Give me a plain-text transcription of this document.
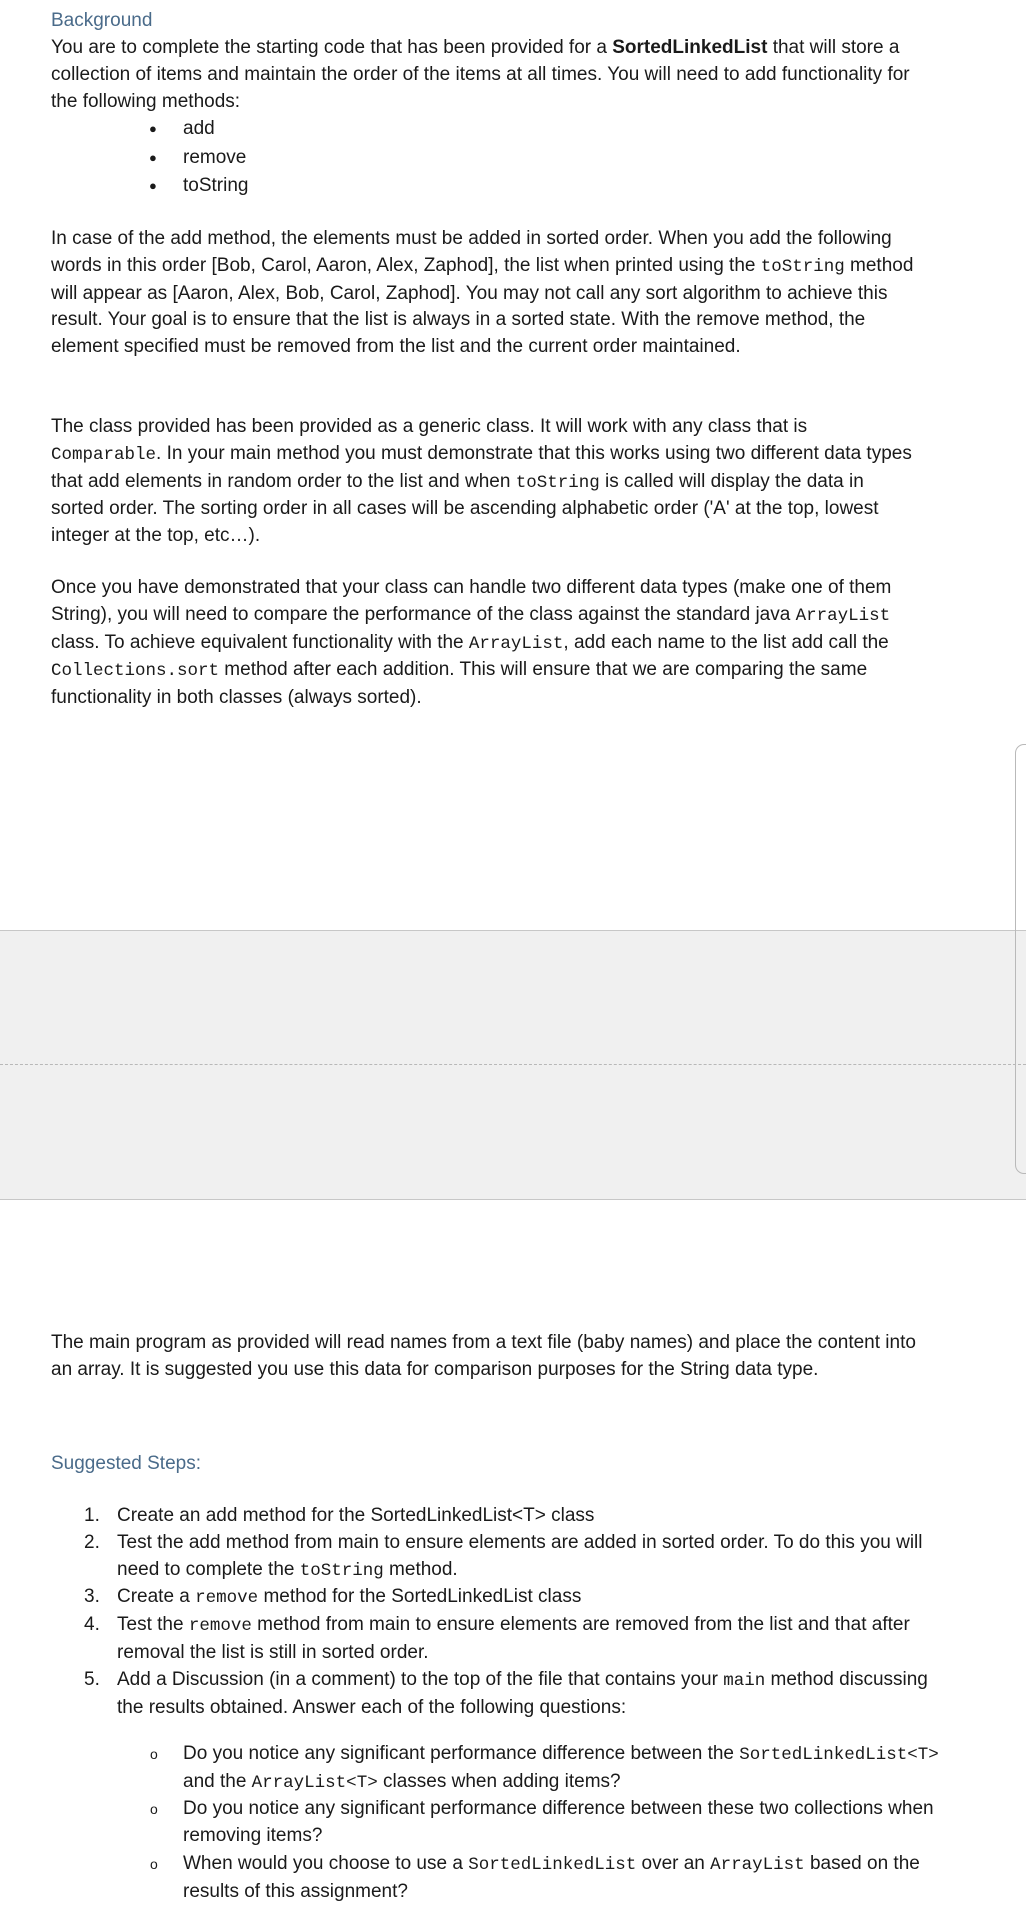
Background
You are to complete the starting code that has been provided for a SortedLinkedList that will store a collection of items and maintain the order of the items at all times. You will need to add functionality for the following methods:
● add
● remove
● toString
In case of the add method, the elements must be added in sorted order. When you add the following words in this order [Bob, Carol, Aaron, Alex, Zaphod], the list when printed using the toString method will appear as [Aaron, Alex, Bob, Carol, Zaphod]. You may not call any sort algorithm to achieve this result. Your goal is to ensure that the list is always in a sorted state. With the remove method, the element specified must be removed from the list and the current order maintained.
The class provided has been provided as a generic class. It will work with any class that is Comparable. In your main method you must demonstrate that this works using two different data types that add elements in random order to the list and when toString is called will display the data in sorted order. The sorting order in all cases will be ascending alphabetic order ('A' at the top, lowest integer at the top, etc…).
Once you have demonstrated that your class can handle two different data types (make one of them String), you will need to compare the performance of the class against the standard java ArrayList class. To achieve equivalent functionality with the ArrayList, add each name to the list add call the Collections.sort method after each addition. This will ensure that we are comparing the same functionality in both classes (always sorted).
The main program as provided will read names from a text file (baby names) and place the content into an array. It is suggested you use this data for comparison purposes for the String data type.
Suggested Steps:
1. Create an add method for the SortedLinkedList<T> class
2. Test the add method from main to ensure elements are added in sorted order. To do this you will need to complete the toString method.
3. Create a remove method for the SortedLinkedList class
4. Test the remove method from main to ensure elements are removed from the list and that after removal the list is still in sorted order.
5. Add a Discussion (in a comment) to the top of the file that contains your main method discussing the results obtained. Answer each of the following questions:
o Do you notice any significant performance difference between the SortedLinkedList<T> and the ArrayList<T> classes when adding items?
o Do you notice any significant performance difference between these two collections when removing items?
o When would you choose to use a SortedLinkedList over an ArrayList based on the results of this assignment?
